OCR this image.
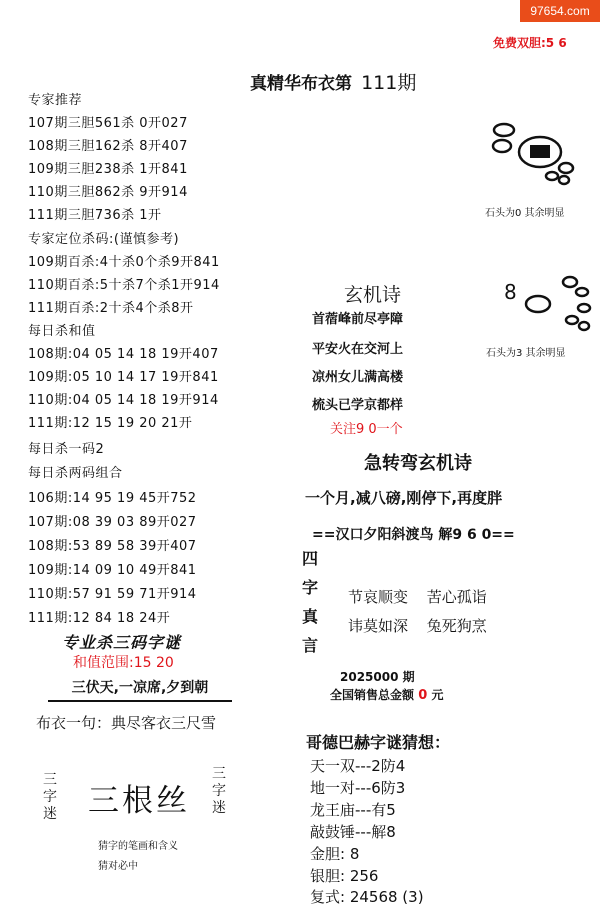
97654.com
免费双胆:5 6
真精华布衣第 111期
专家推荐
107期三胆561杀 0开027
108期三胆162杀 8开407
109期三胆238杀 1开841
110期三胆862杀 9开914
111期三胆736杀 1开
专家定位杀码:(谨慎参考)
109期百杀:4十杀0个杀9开841
110期百杀:5十杀7个杀1开914
111期百杀:2十杀4个杀8开
每日杀和值
108期:04 05 14 18 19开407
109期:05 10 14 17 19开841
110期:04 05 14 18 19开914
111期:12 15 19 20 21开
每日杀一码2
每日杀两码组合
106期:14 95 19 45开752
107期:08 39 03 89开027
108期:53 89 58 39开407
109期:14 09 10 49开841
110期:57 91 59 71开914
111期:12 84 18 24开
专业杀三码字谜
和值范围:15 20
三伏天,一凉席,夕到朝
布衣一句：典尽客衣三尺雪
三
字
迷 三根丝
三
字
迷
猜字的笔画和含义
猜对必中
石头为0 其余明显
8
石头为3 其余明显
玄机诗
首蓿峰前尽亭障
平安火在交河上
凉州女儿满高楼
梳头已学京都样
关注9 0一个
急转弯玄机诗
一个月,减八磅,刚停下,再度胖
==汉口夕阳斜渡鸟 解9 6 0==
四
字
真
言
节哀顺变 苦心孤诣
讳莫如深 兔死狗烹
2025000 期
全国销售总金额 0 元
哥德巴赫字谜猜想：
天一双---2防4
地一对---6防3
龙王庙---有5
敲鼓锤---解8
金胆: 8
银胆: 256
复式: 24568 (3)
